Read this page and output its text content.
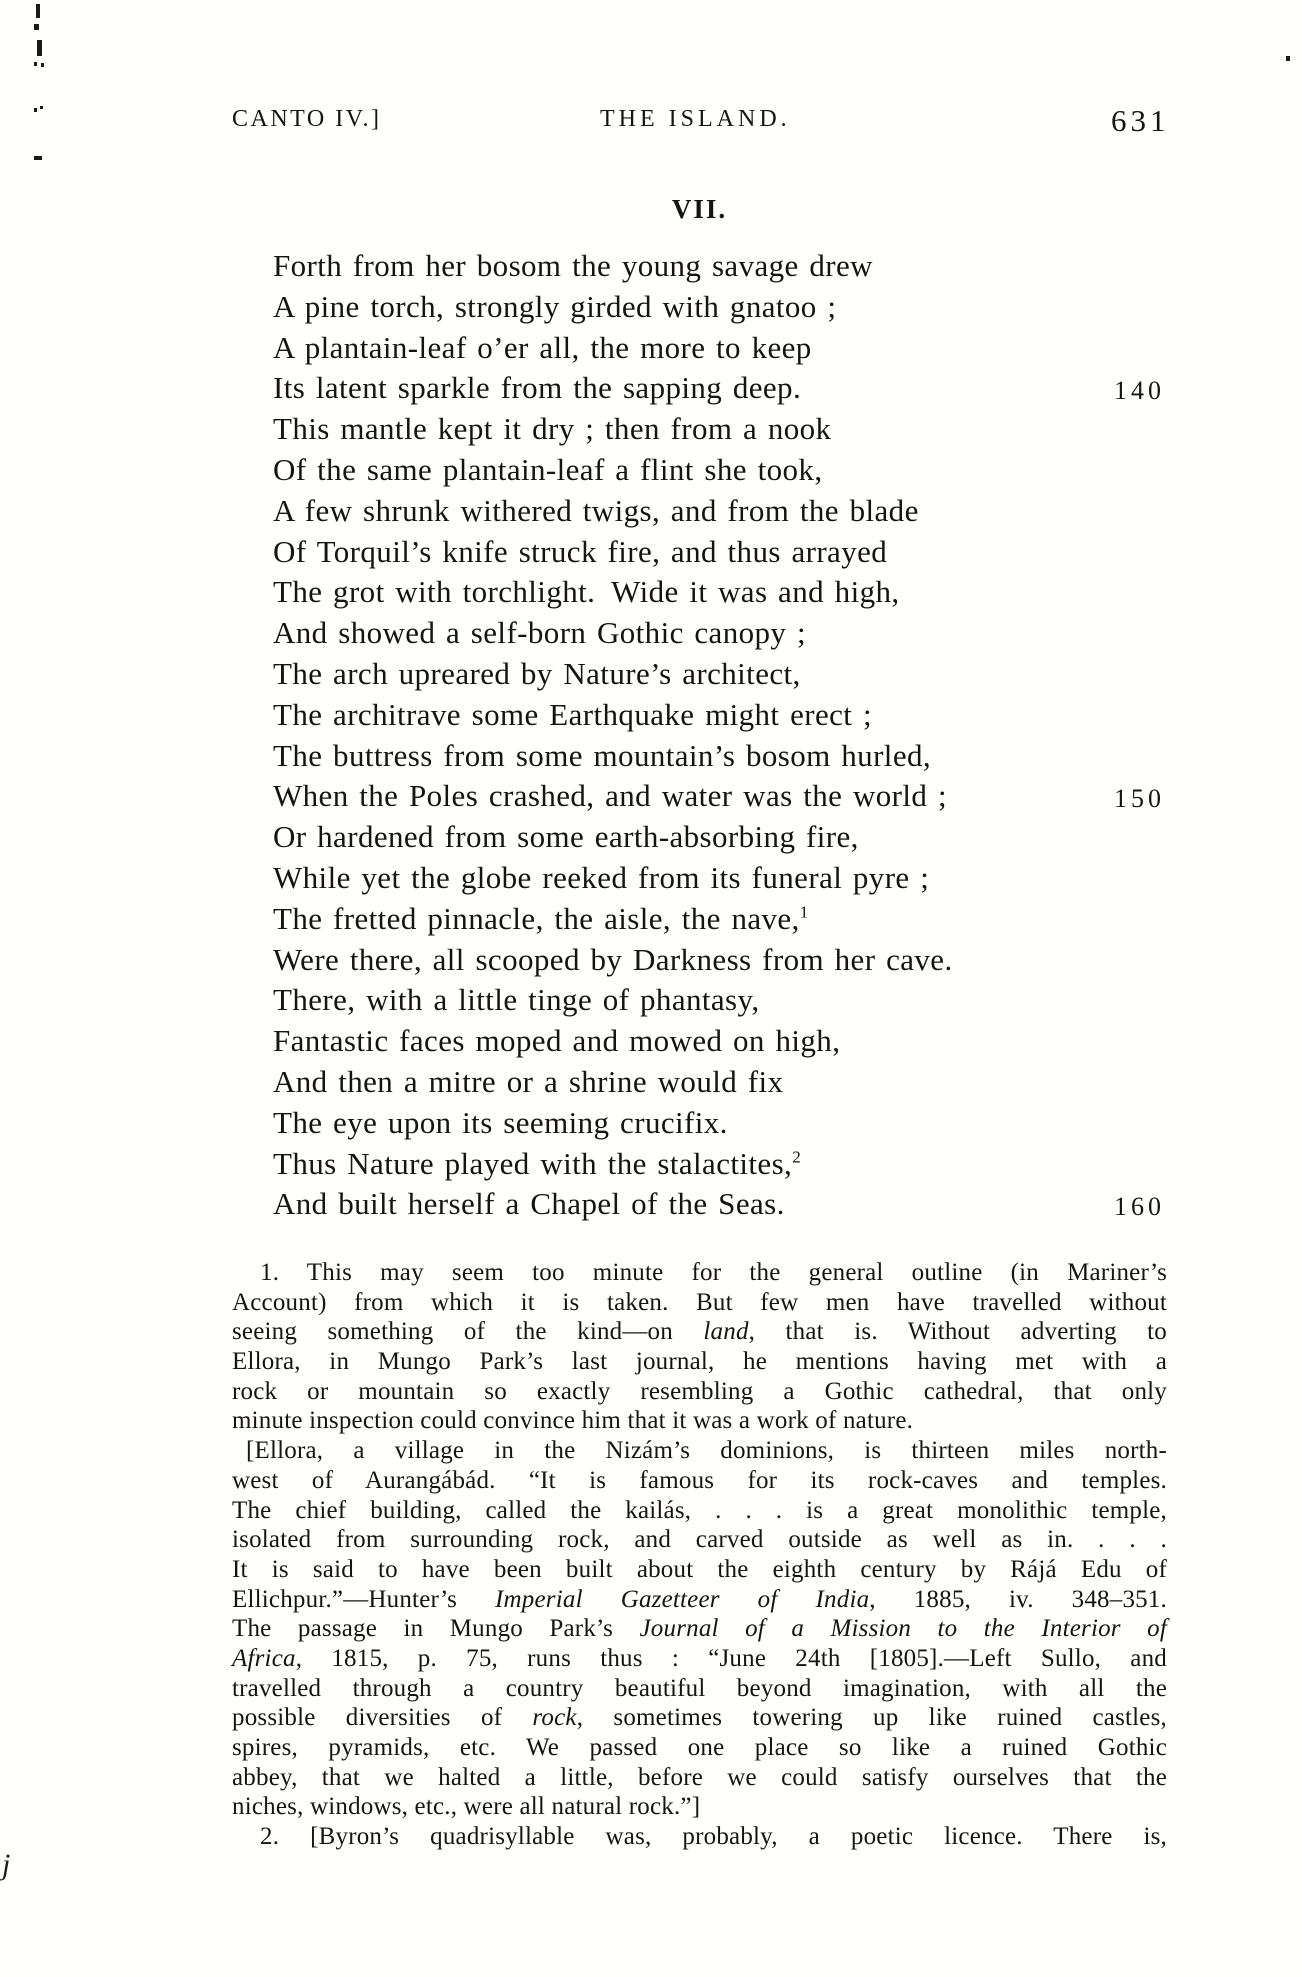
CANTO IV.]	THE ISLAND.	631
VII.
Forth from her bosom the young savage drew
A pine torch, strongly girded with gnatoo ;
A plantain-leaf o’er all, the more to keep
Its latent sparkle from the sapping deep.	140
This mantle kept it dry ; then from a nook
Of the same plantain-leaf a flint she took,
A few shrunk withered twigs, and from the blade
Of Torquil’s knife struck fire, and thus arrayed
The grot with torchlight. Wide it was and high,
And showed a self-born Gothic canopy ;
The arch upreared by Nature’s architect,
The architrave some Earthquake might erect ;
The buttress from some mountain’s bosom hurled,
When the Poles crashed, and water was the world ;	150
Or hardened from some earth-absorbing fire,
While yet the globe reeked from its funeral pyre ;
The fretted pinnacle, the aisle, the nave,$^1$
Were there, all scooped by Darkness from her cave.
There, with a little tinge of phantasy,
Fantastic faces moped and mowed on high,
And then a mitre or a shrine would fix
The eye upon its seeming crucifix.
Thus Nature played with the stalactites,$^2$
And built herself a Chapel of the Seas.	160
1. This may seem too minute for the general outline (in Mariner’s
Account) from which it is taken. But few men have travelled without
seeing something of the kind—on land, that is. Without adverting to
Ellora, in Mungo Park’s last journal, he mentions having met with a
rock or mountain so exactly resembling a Gothic cathedral, that only
minute inspection could convince him that it was a work of nature.
[Ellora, a village in the Nizám’s dominions, is thirteen miles north-
west of Aurangábád. “It is famous for its rock-caves and temples.
The chief building, called the kailás, . . . is a great monolithic temple,
isolated from surrounding rock, and carved outside as well as in. . . .
It is said to have been built about the eighth century by Rájá Edu of
Ellichpur.”—Hunter’s Imperial Gazetteer of India, 1885, iv. 348–351.
The passage in Mungo Park’s Journal of a Mission to the Interior of
Africa, 1815, p. 75, runs thus : “June 24th [1805].—Left Sullo, and
travelled through a country beautiful beyond imagination, with all the
possible diversities of rock, sometimes towering up like ruined castles,
spires, pyramids, etc. We passed one place so like a ruined Gothic
abbey, that we halted a little, before we could satisfy ourselves that the
niches, windows, etc., were all natural rock.”]
2. [Byron’s quadrisyllable was, probably, a poetic licence. There is,
j
